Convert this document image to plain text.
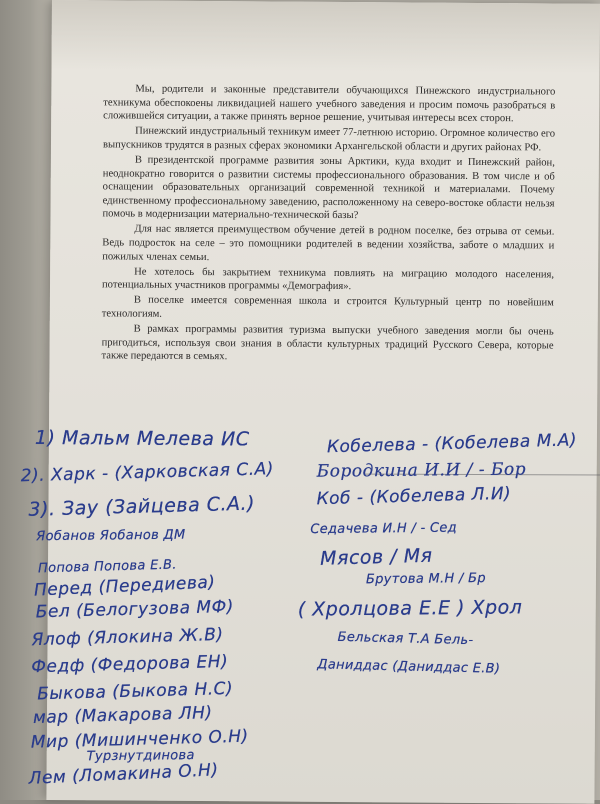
Мы, родители и законные представители обучающихся Пинежского индустриального техникума обеспокоены ликвидацией нашего учебного заведения и просим помочь разобраться в сложившейся ситуации, а также принять верное решение, учитывая интересы всех сторон.

Пинежский индустриальный техникум имеет 77-летнюю историю. Огромное количество его выпускников трудятся в разных сферах экономики Архангельской области и других районах РФ.

В президентской программе развития зоны Арктики, куда входит и Пинежский район, неоднократно говорится о развитии системы профессионального образования. В том числе и об оснащении образовательных организаций современной техникой и материалами. Почему единственному профессиональному заведению, расположенному на северо-востоке области нельзя помочь в модернизации материально-технической базы?

Для нас является преимуществом обучение детей в родном поселке, без отрыва от семьи. Ведь подросток на селе – это помощники родителей в ведении хозяйства, заботе о младших и пожилых членах семьи.

Не хотелось бы закрытием техникума повлиять на миграцию молодого населения, потенциальных участников программы «Демография».

В поселке имеется современная школа и строится Культурный центр по новейшим технологиям.

В рамках программы развития туризма выпуски учебного заведения могли бы очень пригодиться, используя свои знания в области культурных традиций Русского Севера, которые также передаются в семьях.

1) Мальм Мелева ИС
2). Харк - (Харковская С.А)
3). Зау (Зайцева С.А.)
Яобанов Яобанов ДМ
Попова Попова Е.В.
Перед (Передиева)
Бел (Белогузова МФ)
Ялоф (Ялокина Ж.В)
Федф (Федорова ЕН)
Быкова (Быкова Н.С)
мар (Макарова ЛН)
Мир (Мишинченко О.Н)
Турзнутдинова
Лем (Ломакина О.Н)
Кобелева - (Кобелева М.А)
Бородкина И.И / - Бор
Коб - (Кобелева Л.И)
Седачева И.Н / - Сед
Мясов / Мя
Брутова М.Н / Бр
( Хролцова Е.Е ) Хрол
Бельская Т.А Бель-
Даниддас (Даниддас Е.В)
